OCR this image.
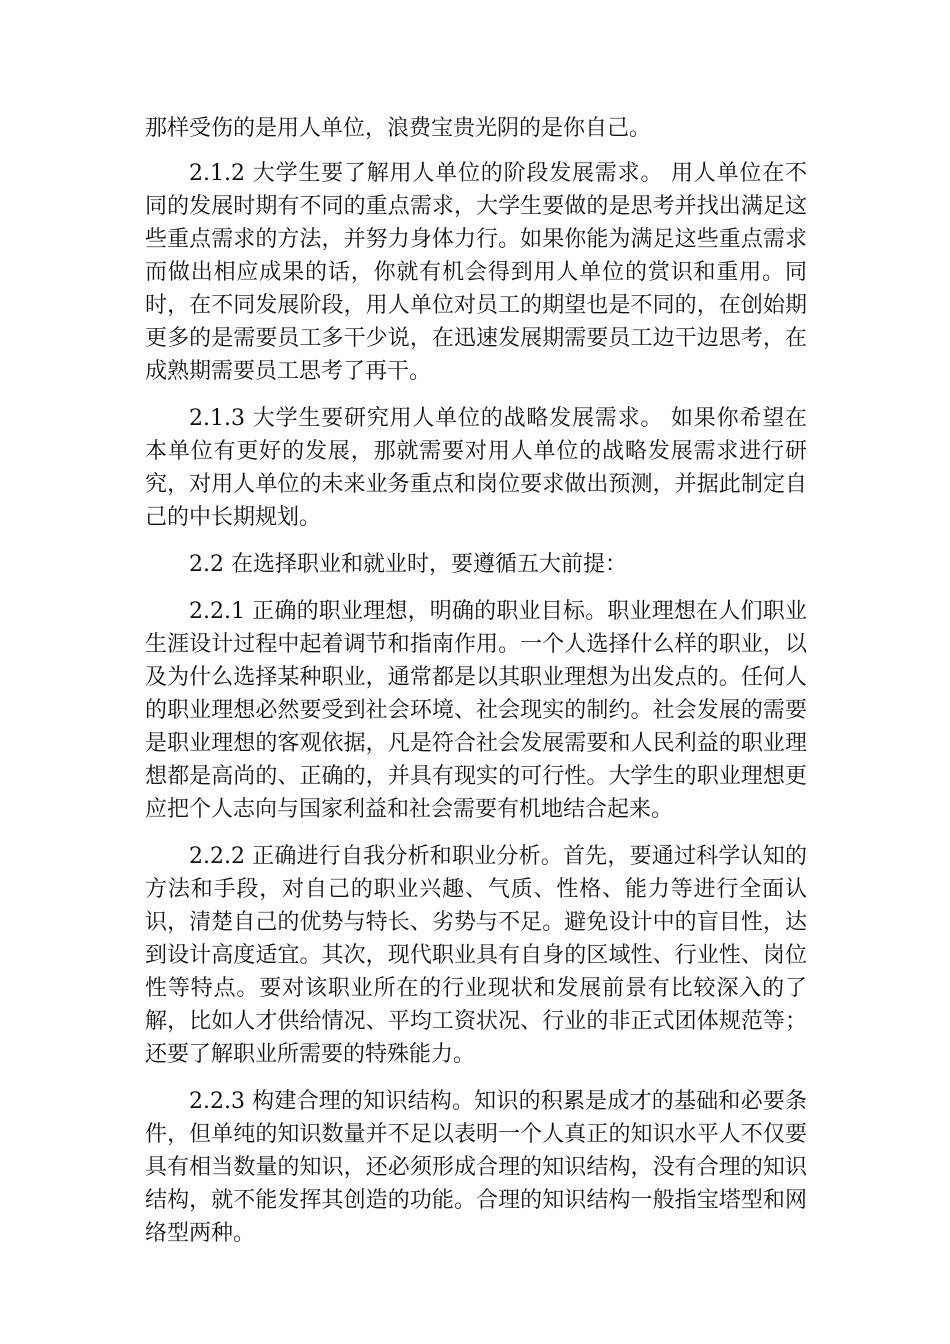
那样受伤的是用人单位，浪费宝贵光阴的是你自己。

2.1.2 大学生要了解用人单位的阶段发展需求。 用人单位在不同的发展时期有不同的重点需求，大学生要做的是思考并找出满足这些重点需求的方法，并努力身体力行。如果你能为满足这些重点需求而做出相应成果的话，你就有机会得到用人单位的赏识和重用。同时，在不同发展阶段，用人单位对员工的期望也是不同的，在创始期更多的是需要员工多干少说，在迅速发展期需要员工边干边思考，在成熟期需要员工思考了再干。

2.1.3 大学生要研究用人单位的战略发展需求。 如果你希望在本单位有更好的发展，那就需要对用人单位的战略发展需求进行研究，对用人单位的未来业务重点和岗位要求做出预测，并据此制定自己的中长期规划。

2.2 在选择职业和就业时，要遵循五大前提：

2.2.1 正确的职业理想，明确的职业目标。职业理想在人们职业生涯设计过程中起着调节和指南作用。一个人选择什么样的职业，以及为什么选择某种职业，通常都是以其职业理想为出发点的。任何人的职业理想必然要受到社会环境、社会现实的制约。社会发展的需要是职业理想的客观依据，凡是符合社会发展需要和人民利益的职业理想都是高尚的、正确的，并具有现实的可行性。大学生的职业理想更应把个人志向与国家利益和社会需要有机地结合起来。

2.2.2 正确进行自我分析和职业分析。首先，要通过科学认知的方法和手段，对自己的职业兴趣、气质、性格、能力等进行全面认识，清楚自己的优势与特长、劣势与不足。避免设计中的盲目性，达到设计高度适宜。其次，现代职业具有自身的区域性、行业性、岗位性等特点。要对该职业所在的行业现状和发展前景有比较深入的了解，比如人才供给情况、平均工资状况、行业的非正式团体规范等；还要了解职业所需要的特殊能力。

2.2.3 构建合理的知识结构。知识的积累是成才的基础和必要条件，但单纯的知识数量并不足以表明一个人真正的知识水平人不仅要具有相当数量的知识，还必须形成合理的知识结构，没有合理的知识结构，就不能发挥其创造的功能。合理的知识结构一般指宝塔型和网络型两种。
